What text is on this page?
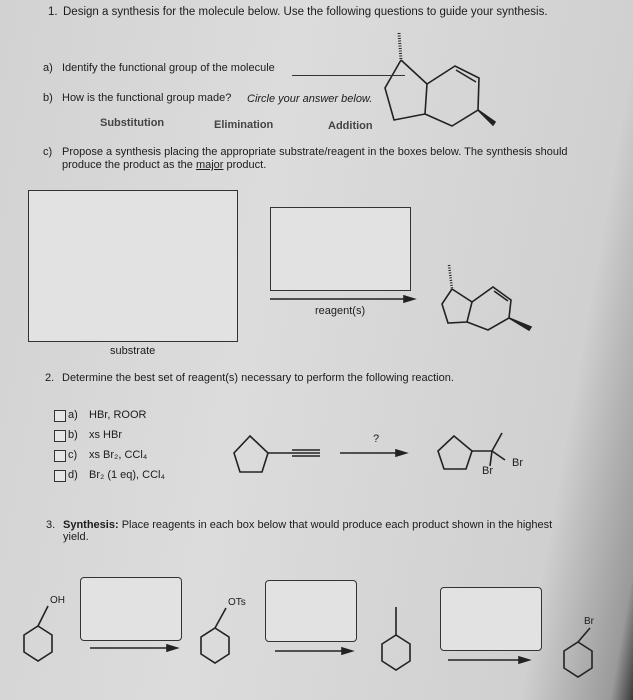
1. Design a synthesis for the molecule below. Use the following questions to guide your synthesis.
a) Identify the functional group of the molecule
b) How is the functional group made? Circle your answer below.
Substitution	Elimination	Addition
c) Propose a synthesis placing the appropriate substrate/reagent in the boxes below. The synthesis should
produce the product as the major product.
substrate
reagent(s)
2. Determine the best set of reagent(s) necessary to perform the following reaction.
a) HBr, ROOR
b) xs HBr
c) xs Br₂, CCl₄
d) Br₂ (1 eq), CCl₄
?
Br
Br
3. Synthesis: Place reagents in each box below that would produce each product shown in the highest
yield.
OH	OTs
Br
